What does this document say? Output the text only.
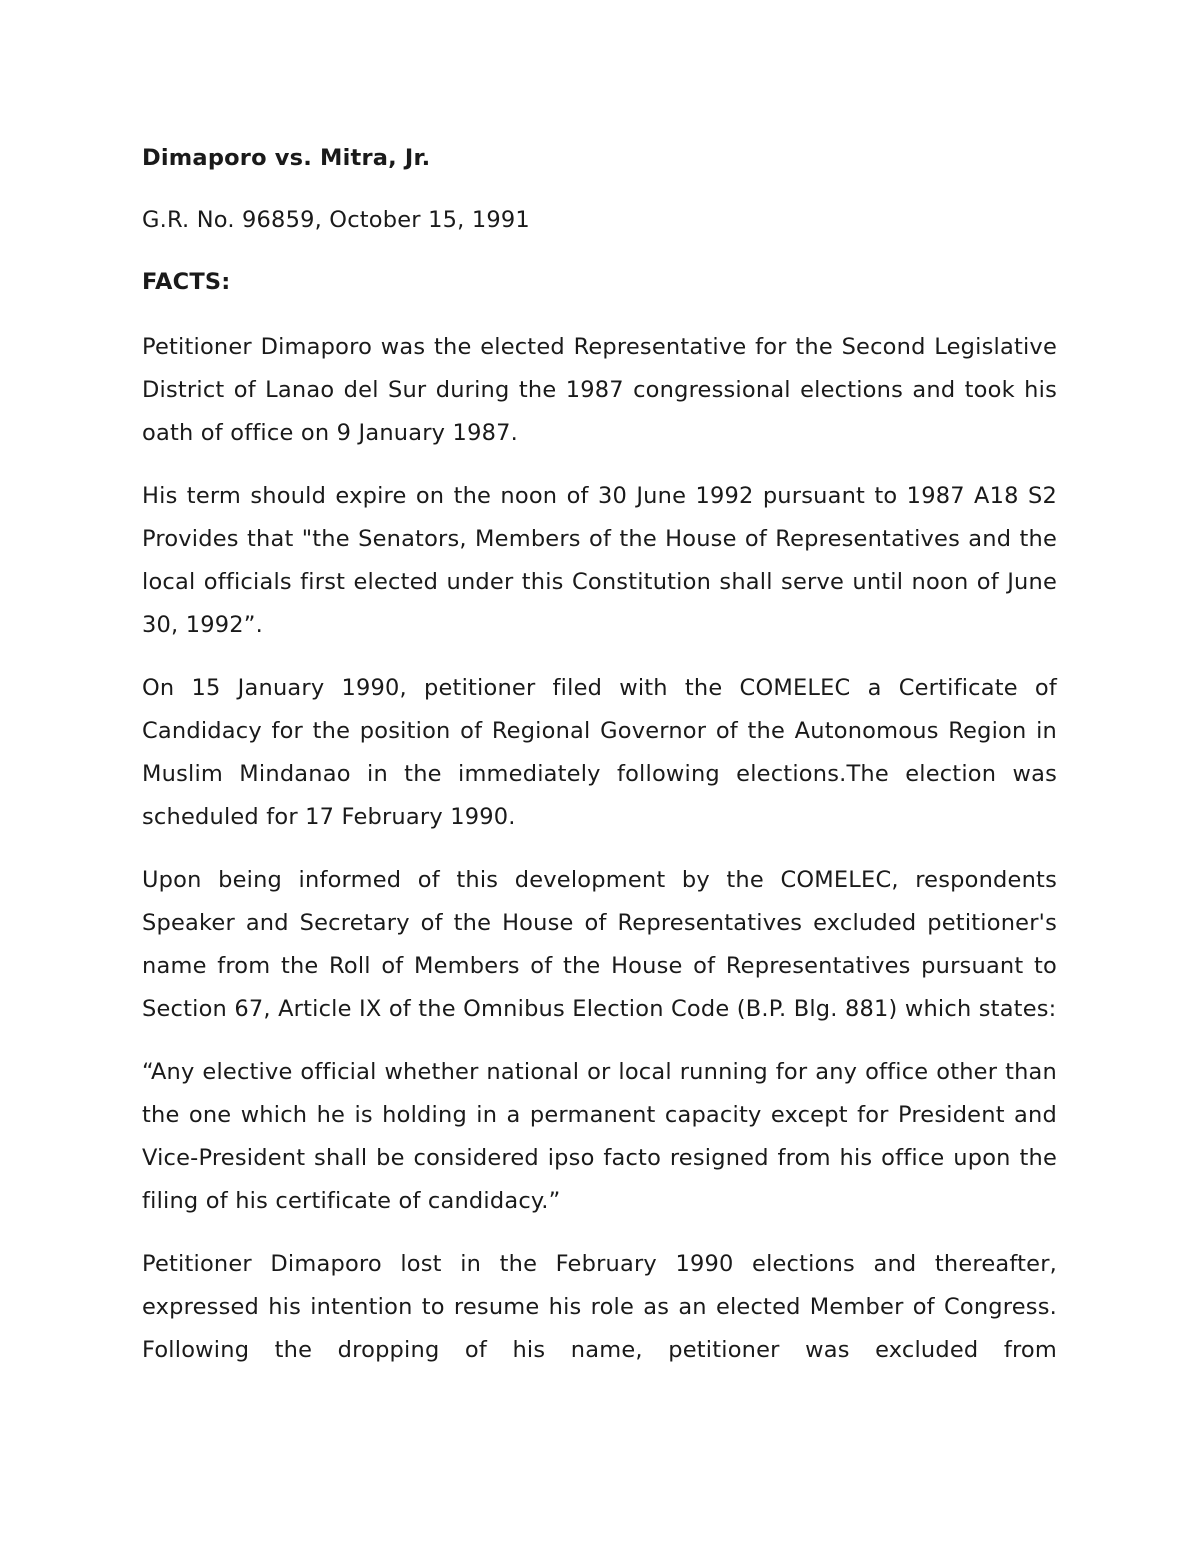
Dimaporo vs. Mitra, Jr.
G.R. No. 96859, October 15, 1991
FACTS:

Petitioner Dimaporo was the elected Representative for the Second Legislative District of Lanao del Sur during the 1987 congressional elections and took his oath of office on 9 January 1987.

His term should expire on the noon of 30 June 1992 pursuant to 1987 A18 S2 Provides that "the Senators, Members of the House of Representatives and the local officials first elected under this Constitution shall serve until noon of June 30, 1992”.

On 15 January 1990, petitioner filed with the COMELEC a Certificate of Candidacy for the position of Regional Governor of the Autonomous Region in Muslim Mindanao in the immediately following elections.The election was scheduled for 17 February 1990.

Upon being informed of this development by the COMELEC, respondents Speaker and Secretary of the House of Representatives excluded petitioner's name from the Roll of Members of the House of Representatives pursuant to Section 67, Article IX of the Omnibus Election Code (B.P. Blg. 881) which states:

“Any elective official whether national or local running for any office other than the one which he is holding in a permanent capacity except for President and Vice-President shall be considered ipso facto resigned from his office upon the filing of his certificate of candidacy.”

Petitioner Dimaporo lost in the February 1990 elections and thereafter, expressed his intention to resume his role as an elected Member of Congress. Following the dropping of his name, petitioner was excluded from
